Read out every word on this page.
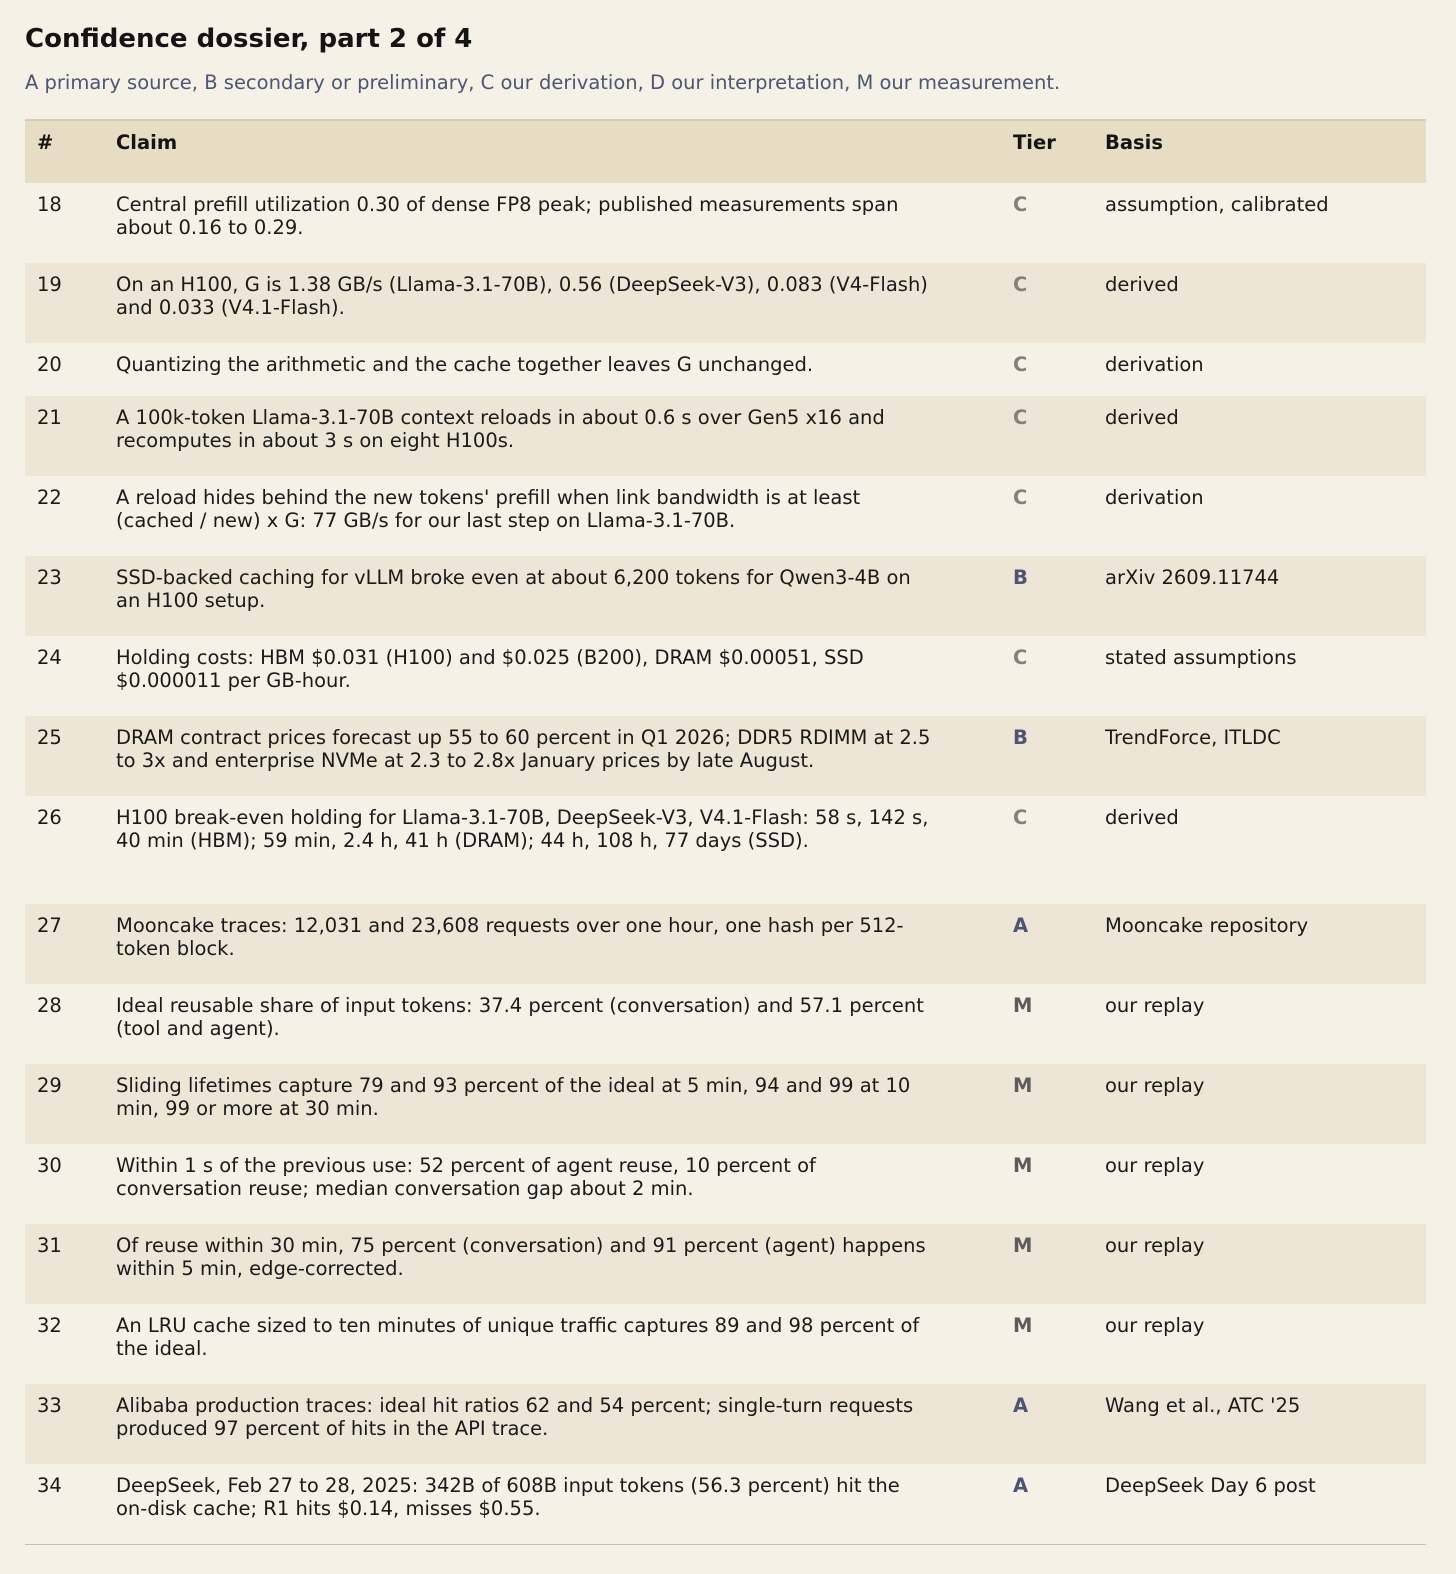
Confidence dossier, part 2 of 4

A primary source, B secondary or preliminary, C our derivation, D our interpretation, M our measurement.

#	Claim	Tier	Basis
18	Central prefill utilization 0.30 of dense FP8 peak; published measurements span about 0.16 to 0.29.	C	assumption, calibrated
19	On an H100, G is 1.38 GB/s (Llama-3.1-70B), 0.56 (DeepSeek-V3), 0.083 (V4-Flash) and 0.033 (V4.1-Flash).	C	derived
20	Quantizing the arithmetic and the cache together leaves G unchanged.	C	derivation
21	A 100k-token Llama-3.1-70B context reloads in about 0.6 s over Gen5 x16 and recomputes in about 3 s on eight H100s.	C	derived
22	A reload hides behind the new tokens' prefill when link bandwidth is at least (cached / new) x G: 77 GB/s for our last step on Llama-3.1-70B.	C	derivation
23	SSD-backed caching for vLLM broke even at about 6,200 tokens for Qwen3-4B on an H100 setup.	B	arXiv 2609.11744
24	Holding costs: HBM $0.031 (H100) and $0.025 (B200), DRAM $0.00051, SSD $0.000011 per GB-hour.	C	stated assumptions
25	DRAM contract prices forecast up 55 to 60 percent in Q1 2026; DDR5 RDIMM at 2.5 to 3x and enterprise NVMe at 2.3 to 2.8x January prices by late August.	B	TrendForce, ITLDC
26	H100 break-even holding for Llama-3.1-70B, DeepSeek-V3, V4.1-Flash: 58 s, 142 s, 40 min (HBM); 59 min, 2.4 h, 41 h (DRAM); 44 h, 108 h, 77 days (SSD).	C	derived
27	Mooncake traces: 12,031 and 23,608 requests over one hour, one hash per 512-token block.	A	Mooncake repository
28	Ideal reusable share of input tokens: 37.4 percent (conversation) and 57.1 percent (tool and agent).	M	our replay
29	Sliding lifetimes capture 79 and 93 percent of the ideal at 5 min, 94 and 99 at 10 min, 99 or more at 30 min.	M	our replay
30	Within 1 s of the previous use: 52 percent of agent reuse, 10 percent of conversation reuse; median conversation gap about 2 min.	M	our replay
31	Of reuse within 30 min, 75 percent (conversation) and 91 percent (agent) happens within 5 min, edge-corrected.	M	our replay
32	An LRU cache sized to ten minutes of unique traffic captures 89 and 98 percent of the ideal.	M	our replay
33	Alibaba production traces: ideal hit ratios 62 and 54 percent; single-turn requests produced 97 percent of hits in the API trace.	A	Wang et al., ATC '25
34	DeepSeek, Feb 27 to 28, 2025: 342B of 608B input tokens (56.3 percent) hit the on-disk cache; R1 hits $0.14, misses $0.55.	A	DeepSeek Day 6 post
